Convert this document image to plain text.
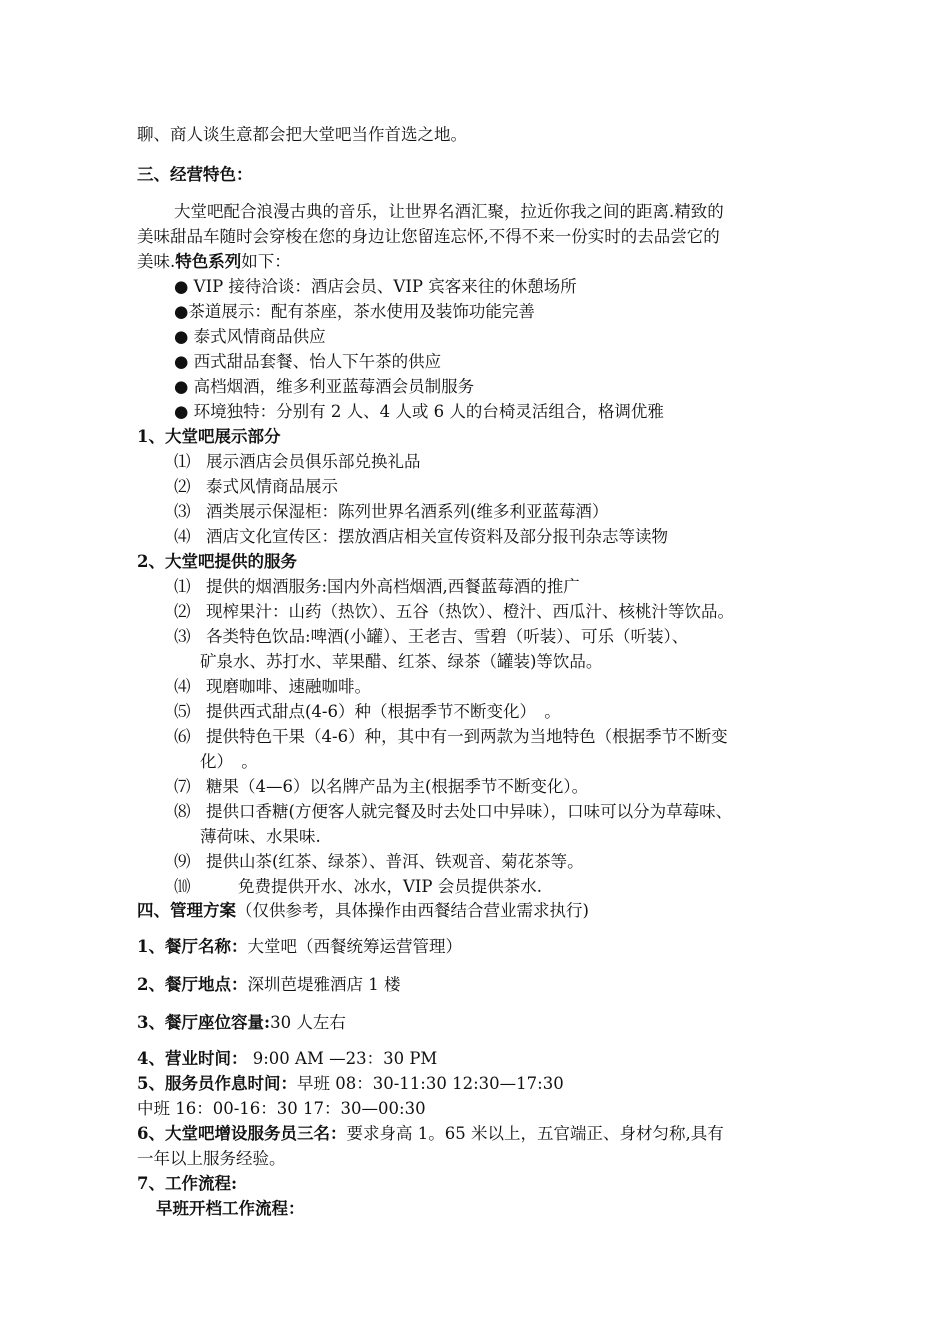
聊、商人谈生意都会把大堂吧当作首选之地。
三、经营特色：
大堂吧配合浪漫古典的音乐，让世界名酒汇聚，拉近你我之间的距离.精致的
美味甜品车随时会穿梭在您的身边让您留连忘怀,不得不来一份实时的去品尝它的
美味.特色系列如下：
● VIP 接待洽谈：酒店会员、VIP 宾客来往的休憩场所
●茶道展示：配有茶座，茶水使用及装饰功能完善
● 泰式风情商品供应
● 西式甜品套餐、怡人下午茶的供应
● 高档烟酒，维多利亚蓝莓酒会员制服务
● 环境独特：分别有 2 人、4 人或 6 人的台椅灵活组合，格调优雅
1、大堂吧展示部分
⑴ 展示酒店会员俱乐部兑换礼品
⑵ 泰式风情商品展示
⑶ 酒类展示保湿柜：陈列世界名酒系列(维多利亚蓝莓酒）
⑷ 酒店文化宣传区：摆放酒店相关宣传资料及部分报刊杂志等读物
2、大堂吧提供的服务
⑴ 提供的烟酒服务:国内外高档烟酒,西餐蓝莓酒的推广
⑵ 现榨果汁：山药（热饮）、五谷（热饮）、橙汁、西瓜汁、核桃汁等饮品。
⑶ 各类特色饮品:啤酒(小罐）、王老吉、雪碧（听装）、可乐（听装）、
矿泉水、苏打水、苹果醋、红茶、绿茶（罐装)等饮品。
⑷ 现磨咖啡、速融咖啡。
⑸ 提供西式甜点(4-6）种（根据季节不断变化）　。
⑹ 提供特色干果（4-6）种，其中有一到两款为当地特色（根据季节不断变
化）　。
⑺ 糖果（4—6）以名牌产品为主(根据季节不断变化）。
⑻ 提供口香糖(方便客人就完餐及时去处口中异味），口味可以分为草莓味、
薄荷味、水果味.
⑼ 提供山茶(红茶、绿茶）、普洱、铁观音、菊花茶等。
⑽	免费提供开水、冰水，VIP 会员提供茶水.
四、管理方案（仅供参考，具体操作由西餐结合营业需求执行)
1、餐厅名称：大堂吧（西餐统筹运营管理）
2、餐厅地点：深圳芭堤雅酒店 1 楼
3、餐厅座位容量:30 人左右
4、营业时间： 9:00 AM —23：30 PM
5、服务员作息时间：早班 08：30-11:30 12:30—17:30
中班 16：00-16：30 17：30—00:30
6、大堂吧增设服务员三名：要求身高 1。65 米以上，五官端正、身材匀称,具有
一年以上服务经验。
7、工作流程:
早班开档工作流程：
